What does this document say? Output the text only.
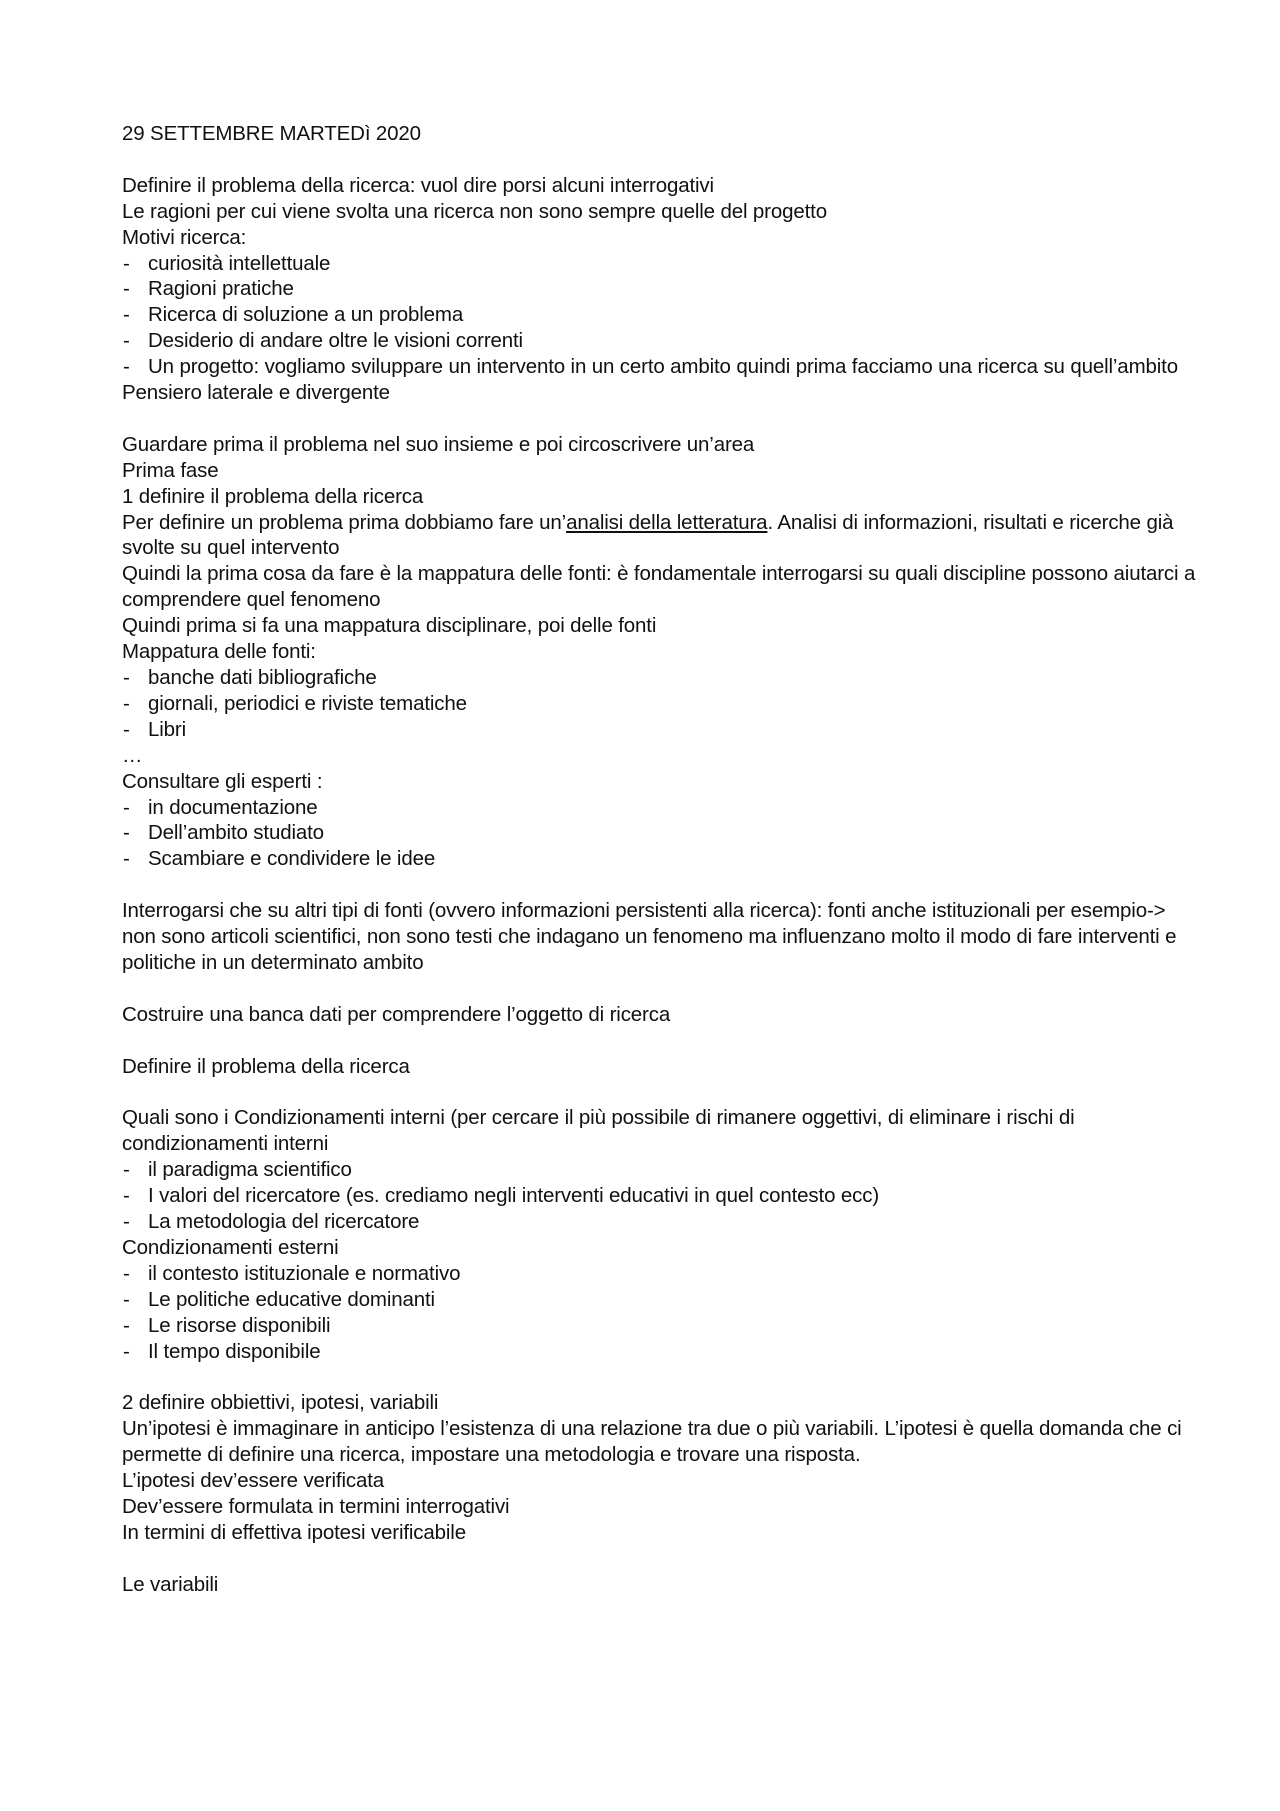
29 SETTEMBRE MARTEDì 2020

Definire il problema della ricerca: vuol dire porsi alcuni interrogativi

Le ragioni per cui viene svolta una ricerca non sono sempre quelle del progetto

Motivi ricerca:

- curiosità intellettuale
- Ragioni pratiche
- Ricerca di soluzione a un problema
- Desiderio di andare oltre le visioni correnti
- Un progetto: vogliamo sviluppare un intervento in un certo ambito quindi prima facciamo una ricerca su quell’ambito

Pensiero laterale e divergente

Guardare prima il problema nel suo insieme e poi circoscrivere un’area

Prima fase

1 definire il problema della ricerca

Per definire un problema prima dobbiamo fare un’analisi della letteratura. Analisi di informazioni, risultati e ricerche già svolte su quel intervento

Quindi la prima cosa da fare è la mappatura delle fonti: è fondamentale interrogarsi su quali discipline possono aiutarci a comprendere quel fenomeno

Quindi prima si fa una mappatura disciplinare, poi delle fonti

Mappatura delle fonti:

- banche dati bibliografiche
- giornali, periodici e riviste tematiche
- Libri

…

Consultare gli esperti :

- in documentazione
- Dell’ambito studiato
- Scambiare e condividere le idee

Interrogarsi che su altri tipi di fonti (ovvero informazioni persistenti alla ricerca): fonti anche istituzionali per esempio-> non sono articoli scientifici, non sono testi che indagano un fenomeno ma influenzano molto il modo di fare interventi e politiche in un determinato ambito

Costruire una banca dati per comprendere l’oggetto di ricerca

Definire il problema della ricerca

Quali sono i Condizionamenti interni (per cercare il più possibile di rimanere oggettivi, di eliminare i rischi di condizionamenti interni

- il paradigma scientifico
- I valori del ricercatore (es. crediamo negli interventi educativi in quel contesto ecc)
- La metodologia del ricercatore

Condizionamenti esterni

- il contesto istituzionale e normativo
- Le politiche educative dominanti
- Le risorse disponibili
- Il tempo disponibile

2 definire obbiettivi, ipotesi, variabili

Un’ipotesi è immaginare in anticipo l’esistenza di una relazione tra due o più variabili. L’ipotesi è quella domanda che ci permette di definire una ricerca, impostare una metodologia e trovare una risposta.

L’ipotesi dev’essere verificata

Dev’essere formulata in termini interrogativi

In termini di effettiva ipotesi verificabile

Le variabili
